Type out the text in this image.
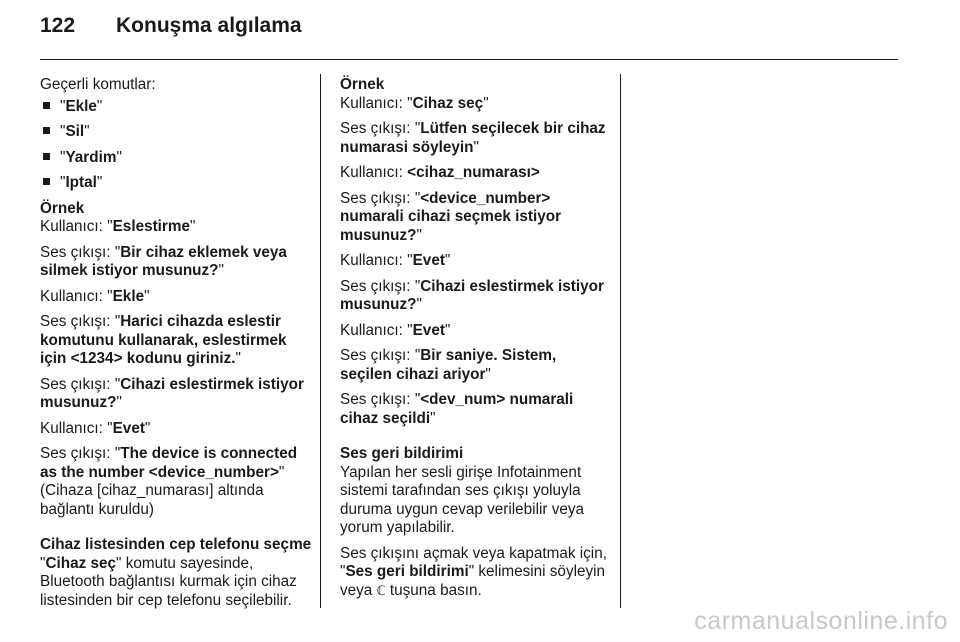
122	Konuşma algılama

Geçerli komutlar:

"Ekle"
"Sil"
"Yardim"
"Iptal"

Örnek

Kullanıcı: "Eslestirme"

Ses çıkışı: "Bir cihaz eklemek veya silmek istiyor musunuz?"

Kullanıcı: "Ekle"

Ses çıkışı: "Harici cihazda eslestir komutunu kullanarak, eslestirmek için <1234> kodunu giriniz."

Ses çıkışı: "Cihazi eslestirmek istiyor musunuz?"

Kullanıcı: "Evet"

Ses çıkışı: "The device is connected as the number <device_number>"
(Cihaza [cihaz_numarası] altında bağlantı kuruldu)

Cihaz listesinden cep telefonu seçme

"Cihaz seç" komutu sayesinde, Bluetooth bağlantısı kurmak için cihaz listesinden bir cep telefonu seçilebilir.

Örnek

Kullanıcı: "Cihaz seç"

Ses çıkışı: "Lütfen seçilecek bir cihaz numarasi söyleyin"

Kullanıcı: <cihaz_numarası>

Ses çıkışı: "<device_number> numarali cihazi seçmek istiyor musunuz?"

Kullanıcı: "Evet"

Ses çıkışı: "Cihazi eslestirmek istiyor musunuz?"

Kullanıcı: "Evet"

Ses çıkışı: "Bir saniye. Sistem, seçilen cihazi ariyor"

Ses çıkışı: "<dev_num> numarali cihaz seçildi"

Ses geri bildirimi

Yapılan her sesli girişe Infotainment sistemi tarafından ses çıkışı yoluyla duruma uygun cevap verilebilir veya yorum yapılabilir.

Ses çıkışını açmak veya kapatmak için, "Ses geri bildirimi" kelimesini söyleyin veya ℂ tuşuna basın.

carmanualsonline.info
